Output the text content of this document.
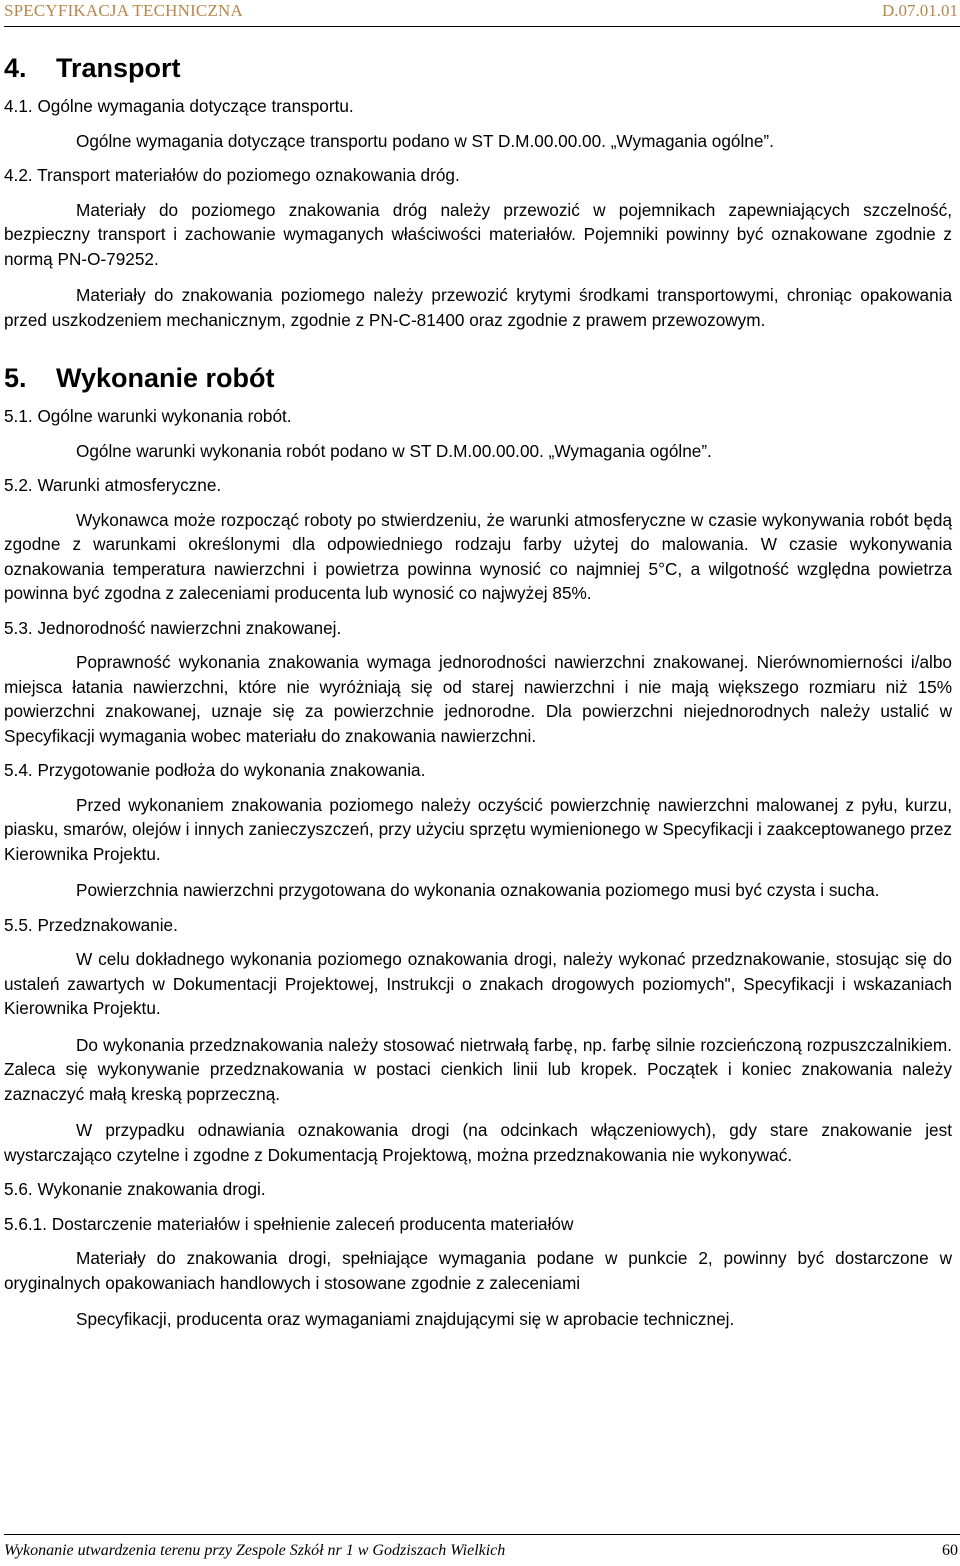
SPECYFIKACJA TECHNICZNA	D.07.01.01
4. Transport

4.1. Ogólne wymagania dotyczące transportu.

Ogólne wymagania dotyczące transportu podano w ST D.M.00.00.00. „Wymagania ogólne”.

4.2. Transport materiałów do poziomego oznakowania dróg.

Materiały do poziomego znakowania dróg należy przewozić w pojemnikach zapewniających szczelność, bezpieczny transport i zachowanie wymaganych właściwości materiałów. Pojemniki powinny być oznakowane zgodnie z normą PN-O-79252.

Materiały do znakowania poziomego należy przewozić krytymi środkami transportowymi, chroniąc opakowania przed uszkodzeniem mechanicznym, zgodnie z PN-C-81400 oraz zgodnie z prawem przewozowym.

5. Wykonanie robót

5.1. Ogólne warunki wykonania robót.

Ogólne warunki wykonania robót podano w ST D.M.00.00.00. „Wymagania ogólne”.

5.2. Warunki atmosferyczne.

Wykonawca może rozpocząć roboty po stwierdzeniu, że warunki atmosferyczne w czasie wykonywania robót będą zgodne z warunkami określonymi dla odpowiedniego rodzaju farby użytej do malowania. W czasie wykonywania oznakowania temperatura nawierzchni i powietrza powinna wynosić co najmniej 5°C, a wilgotność względna powietrza powinna być zgodna z zaleceniami producenta lub wynosić co najwyżej 85%.

5.3. Jednorodność nawierzchni znakowanej.

Poprawność wykonania znakowania wymaga jednorodności nawierzchni znakowanej. Nierównomierności i/albo miejsca łatania nawierzchni, które nie wyróżniają się od starej nawierzchni i nie mają większego rozmiaru niż 15% powierzchni znakowanej, uznaje się za powierzchnie jednorodne. Dla powierzchni niejednorodnych należy ustalić w Specyfikacji wymagania wobec materiału do znakowania nawierzchni.

5.4. Przygotowanie podłoża do wykonania znakowania.

Przed wykonaniem znakowania poziomego należy oczyścić powierzchnię nawierzchni malowanej z pyłu, kurzu, piasku, smarów, olejów i innych zanieczyszczeń, przy użyciu sprzętu wymienionego w Specyfikacji i zaakceptowanego przez Kierownika Projektu.

Powierzchnia nawierzchni przygotowana do wykonania oznakowania poziomego musi być czysta i sucha.

5.5. Przedznakowanie.

W celu dokładnego wykonania poziomego oznakowania drogi, należy wykonać przedznakowanie, stosując się do ustaleń zawartych w Dokumentacji Projektowej, Instrukcji o znakach drogowych poziomych", Specyfikacji i wskazaniach Kierownika Projektu.

Do wykonania przedznakowania należy stosować nietrwałą farbę, np. farbę silnie rozcieńczoną rozpuszczalnikiem. Zaleca się wykonywanie przedznakowania w postaci cienkich linii lub kropek. Początek i koniec znakowania należy zaznaczyć małą kreską poprzeczną.

W przypadku odnawiania oznakowania drogi (na odcinkach włączeniowych), gdy stare znakowanie jest wystarczająco czytelne i zgodne z Dokumentacją Projektową, można przedznakowania nie wykonywać.

5.6. Wykonanie znakowania drogi.

5.6.1. Dostarczenie materiałów i spełnienie zaleceń producenta materiałów

Materiały do znakowania drogi, spełniające wymagania podane w punkcie 2, powinny być dostarczone w oryginalnych opakowaniach handlowych i stosowane zgodnie z zaleceniami

Specyfikacji, producenta oraz wymaganiami znajdującymi się w aprobacie technicznej.

Wykonanie utwardzenia terenu przy Zespole Szkół nr 1 w Godziszach Wielkich	60
